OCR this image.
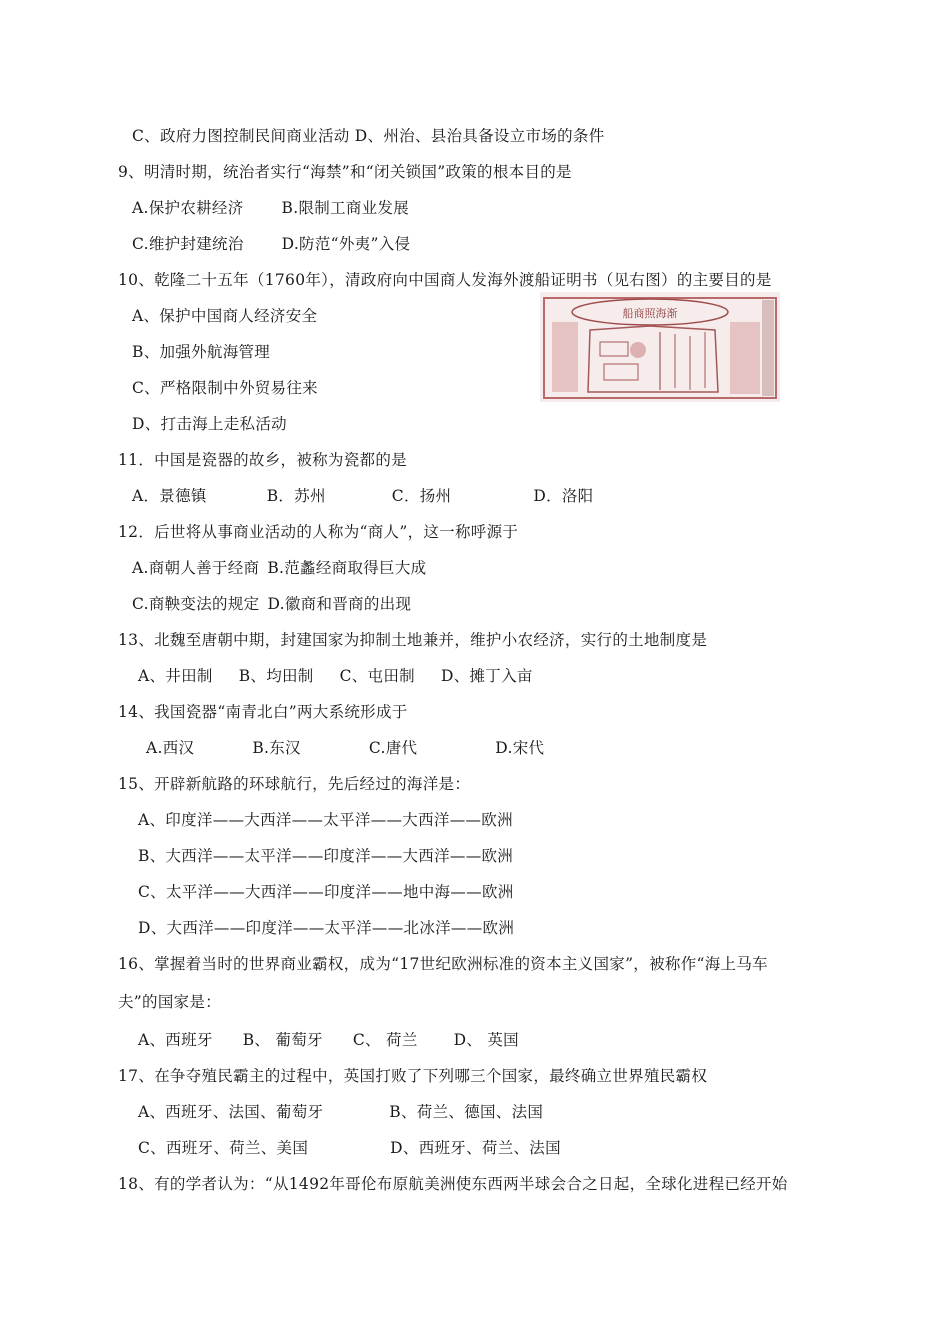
C、政府力图控制民间商业活动 D、州治、县治具备设立市场的条件
9、明清时期，统治者实行“海禁”和“闭关锁国”政策的根本目的是
A.保护农耕经济 B.限制工商业发展
C.维护封建统治 D.防范“外夷”入侵
10、乾隆二十五年（1760年），清政府向中国商人发海外渡船证明书（见右图）的主要目的是
A、保护中国商人经济安全
B、加强外航海管理
C、严格限制中外贸易往来
D、打击海上走私活动
船商照海渐
11．中国是瓷器的故乡，被称为瓷都的是
A．景德镇	B．苏州	C．扬州	D．洛阳
12．后世将从事商业活动的人称为“商人”，这一称呼源于
A.商朝人善于经商 B.范蠡经商取得巨大成
C.商鞅变法的规定 D.徽商和晋商的出现
13、北魏至唐朝中期，封建国家为抑制土地兼并，维护小农经济，实行的土地制度是
A、井田制 B、均田制 C、屯田制 D、摊丁入亩
14、我国瓷器“南青北白”两大系统形成于
A.西汉	B.东汉	C.唐代	D.宋代
15、开辟新航路的环球航行，先后经过的海洋是：
A、印度洋——大西洋——太平洋——大西洋——欧洲
B、大西洋——太平洋——印度洋——大西洋——欧洲
C、太平洋——大西洋——印度洋——地中海——欧洲
D、大西洋——印度洋——太平洋——北冰洋——欧洲
16、掌握着当时的世界商业霸权，成为“17世纪欧洲标准的资本主义国家”，被称作“海上马车
夫”的国家是：
A、西班牙 B、 葡萄牙 C、 荷兰 D、 英国
17、在争夺殖民霸主的过程中，英国打败了下列哪三个国家，最终确立世界殖民霸权
A、西班牙、法国、葡萄牙	B、荷兰、德国、法国
C、西班牙、荷兰、美国	D、西班牙、荷兰、法国
18、有的学者认为：“从1492年哥伦布原航美洲使东西两半球会合之日起，全球化进程已经开始
